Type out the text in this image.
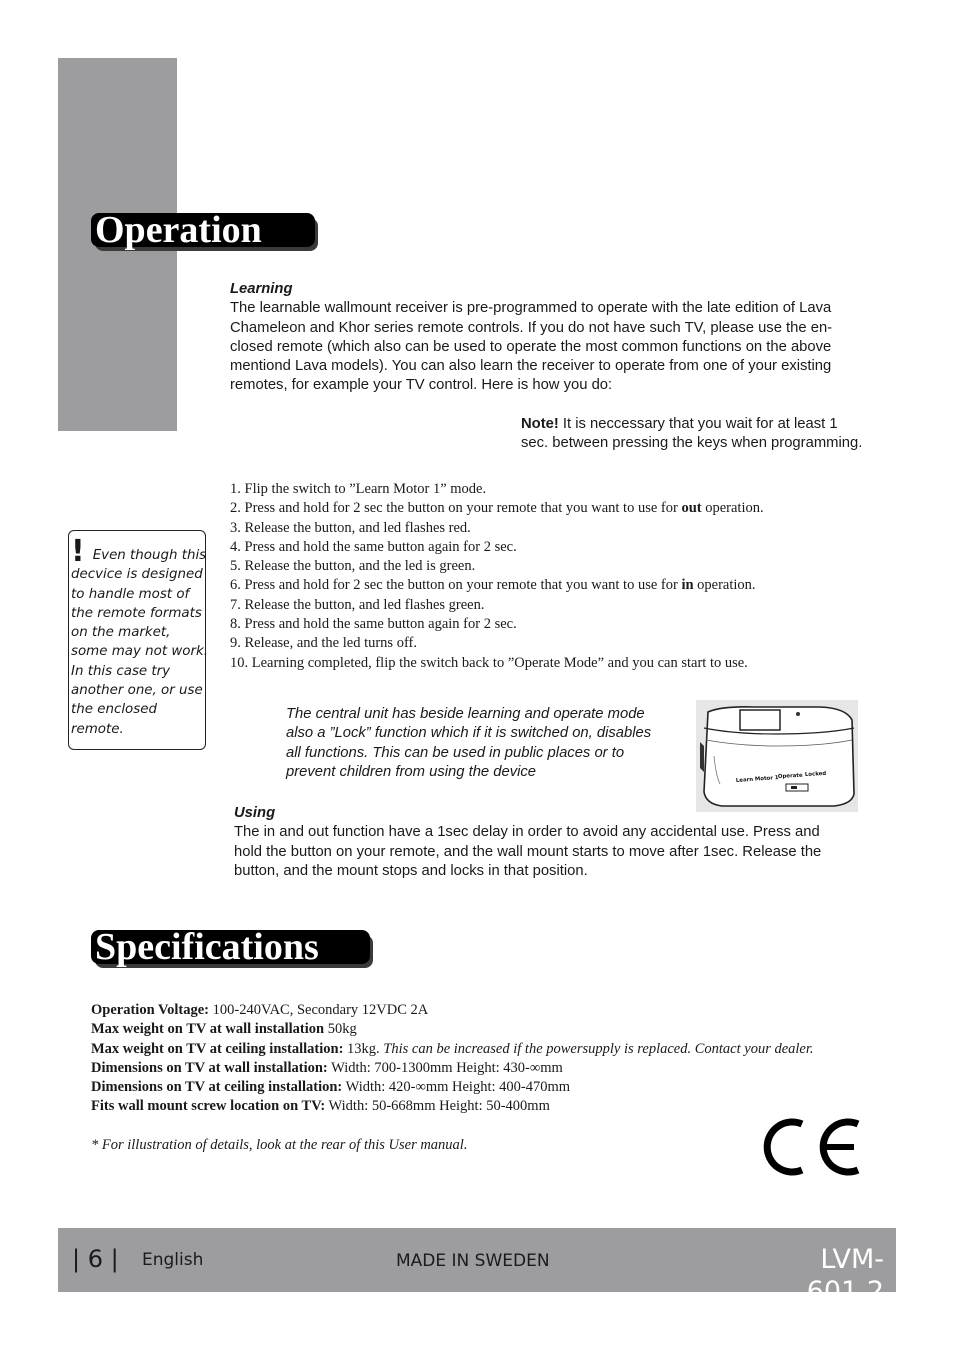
Operation
Learning
The learnable wallmount receiver is pre-programmed to operate with the late edition of Lava
Chameleon and Khor series remote controls. If you do not have such TV, please use the en-
closed remote (which also can be used to operate the most common functions on the above
mentiond Lava models). You can also learn the receiver to operate from one of your existing
remotes, for example your TV control. Here is how you do:
Note! It is neccessary that you wait for at least 1
sec. between pressing the keys when programming.
! Even though this decvice is designed to handle most of the remote formats on the market, some may not work. In this case try another one, or use the enclosed remote.
1. Flip the switch to ”Learn Motor 1” mode.
2. Press and hold for 2 sec the button on your remote that you want to use for out operation.
3. Release the button, and led flashes red.
4. Press and hold the same button again for 2 sec.
5. Release the button, and the led is green.
6. Press and hold for 2 sec the button on your remote that you want to use for in operation.
7. Release the button, and led flashes green.
8. Press and hold the same button again for 2 sec.
9. Release, and the led turns off.
10. Learning completed, flip the switch back to ”Operate Mode” and you can start to use.
The central unit has beside learning and operate mode
also a ”Lock” function which if it is switched on, disables
all functions. This can be used in public places or to
prevent children from using the device	Learn Motor 1 Operate Locked
Using
The in and out function have a 1sec delay in order to avoid any accidental use. Press and
hold the button on your remote, and the wall mount starts to move after 1sec. Release the
button, and the mount stops and locks in that position.
Specifications

Operation Voltage: 100-240VAC, Secondary 12VDC 2A

Max weight on TV at wall installation 50kg

Max weight on TV at ceiling installation: 13kg. This can be increased if the powersupply is replaced. Contact your dealer.

Dimensions on TV at wall installation: Width: 700-1300mm Height: 430-∞mm

Dimensions on TV at ceiling installation: Width: 420-∞mm Height: 400-470mm

Fits wall mount screw location on TV: Width: 50-668mm Height: 50-400mm

* For illustration of details, look at the rear of this User manual.

| 6 | English	MADE IN SWEDEN	LVM-601.2
